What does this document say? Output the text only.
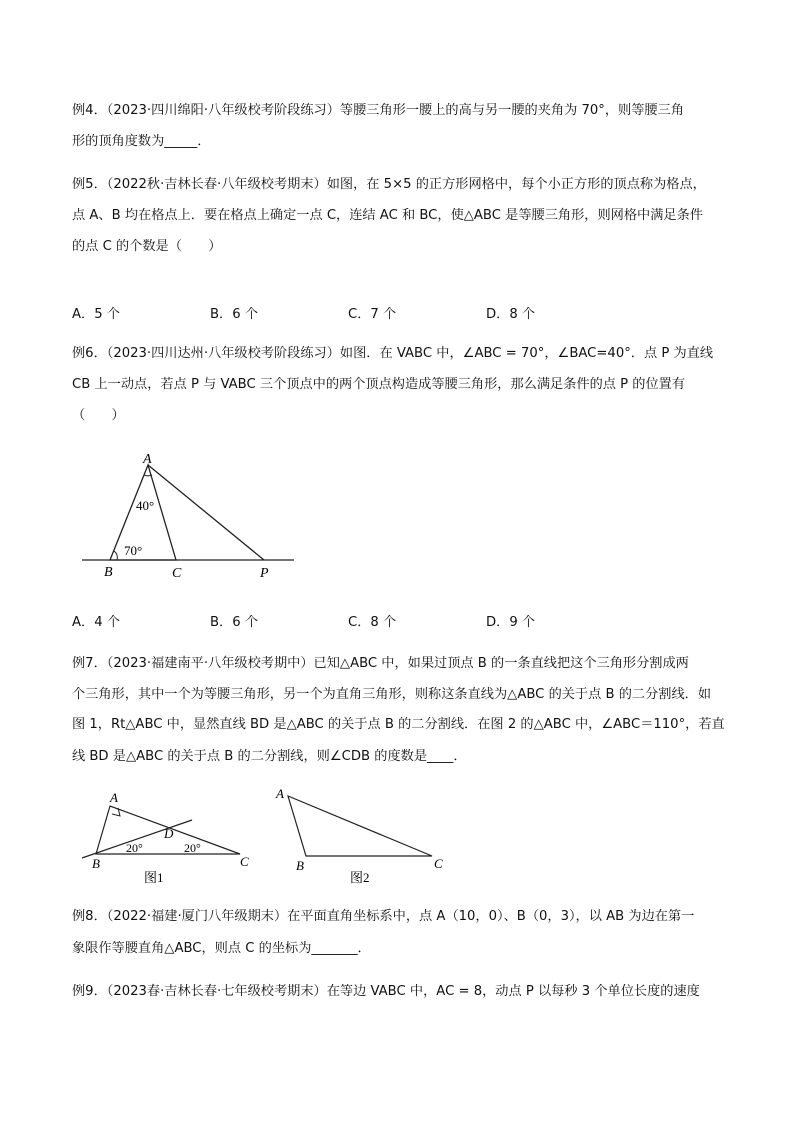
例4．（2023·四川绵阳·八年级校考阶段练习）等腰三角形一腰上的高与另一腰的夹角为 70°，则等腰三角
形的顶角度数为_____．
例5．（2022秋·吉林长春·八年级校考期末）如图，在 5×5 的正方形网格中，每个小正方形的顶点称为格点，
点 A、B 均在格点上．要在格点上确定一点 C，连结 AC 和 BC，使△ABC 是等腰三角形，则网格中满足条件
的点 C 的个数是（　　）
A．5 个	B．6 个	C．7 个	D．8 个
例6．（2023·四川达州·八年级校考阶段练习）如图．在 VABC 中，∠ABC = 70°，∠BAC=40°．点 P 为直线
CB 上一动点，若点 P 与 VABC 三个顶点中的两个顶点构造成等腰三角形，那么满足条件的点 P 的位置有
（　　）
A
B	C	P
40°
70°
A．4 个	B．6 个	C．8 个	D．9 个
例7．（2023·福建南平·八年级校考期中）已知△ABC 中，如果过顶点 B 的一条直线把这个三角形分割成两
个三角形，其中一个为等腰三角形，另一个为直角三角形，则称这条直线为△ABC 的关于点 B 的二分割线．如
图 1，Rt△ABC 中，显然直线 BD 是△ABC 的关于点 B 的二分割线．在图 2 的△ABC 中，∠ABC＝110°，若直
线 BD 是△ABC 的关于点 B 的二分割线，则∠CDB 的度数是____．
A
B	C
D
20°	20°
图1
A
B	C
图2
例8．（2022·福建·厦门八年级期末）在平面直角坐标系中，点 A（10，0）、B（0，3），以 AB 为边在第一
象限作等腰直角△ABC，则点 C 的坐标为_______．
例9．（2023春·吉林长春·七年级校考期末）在等边 VABC 中，AC = 8，动点 P 以每秒 3 个单位长度的速度
